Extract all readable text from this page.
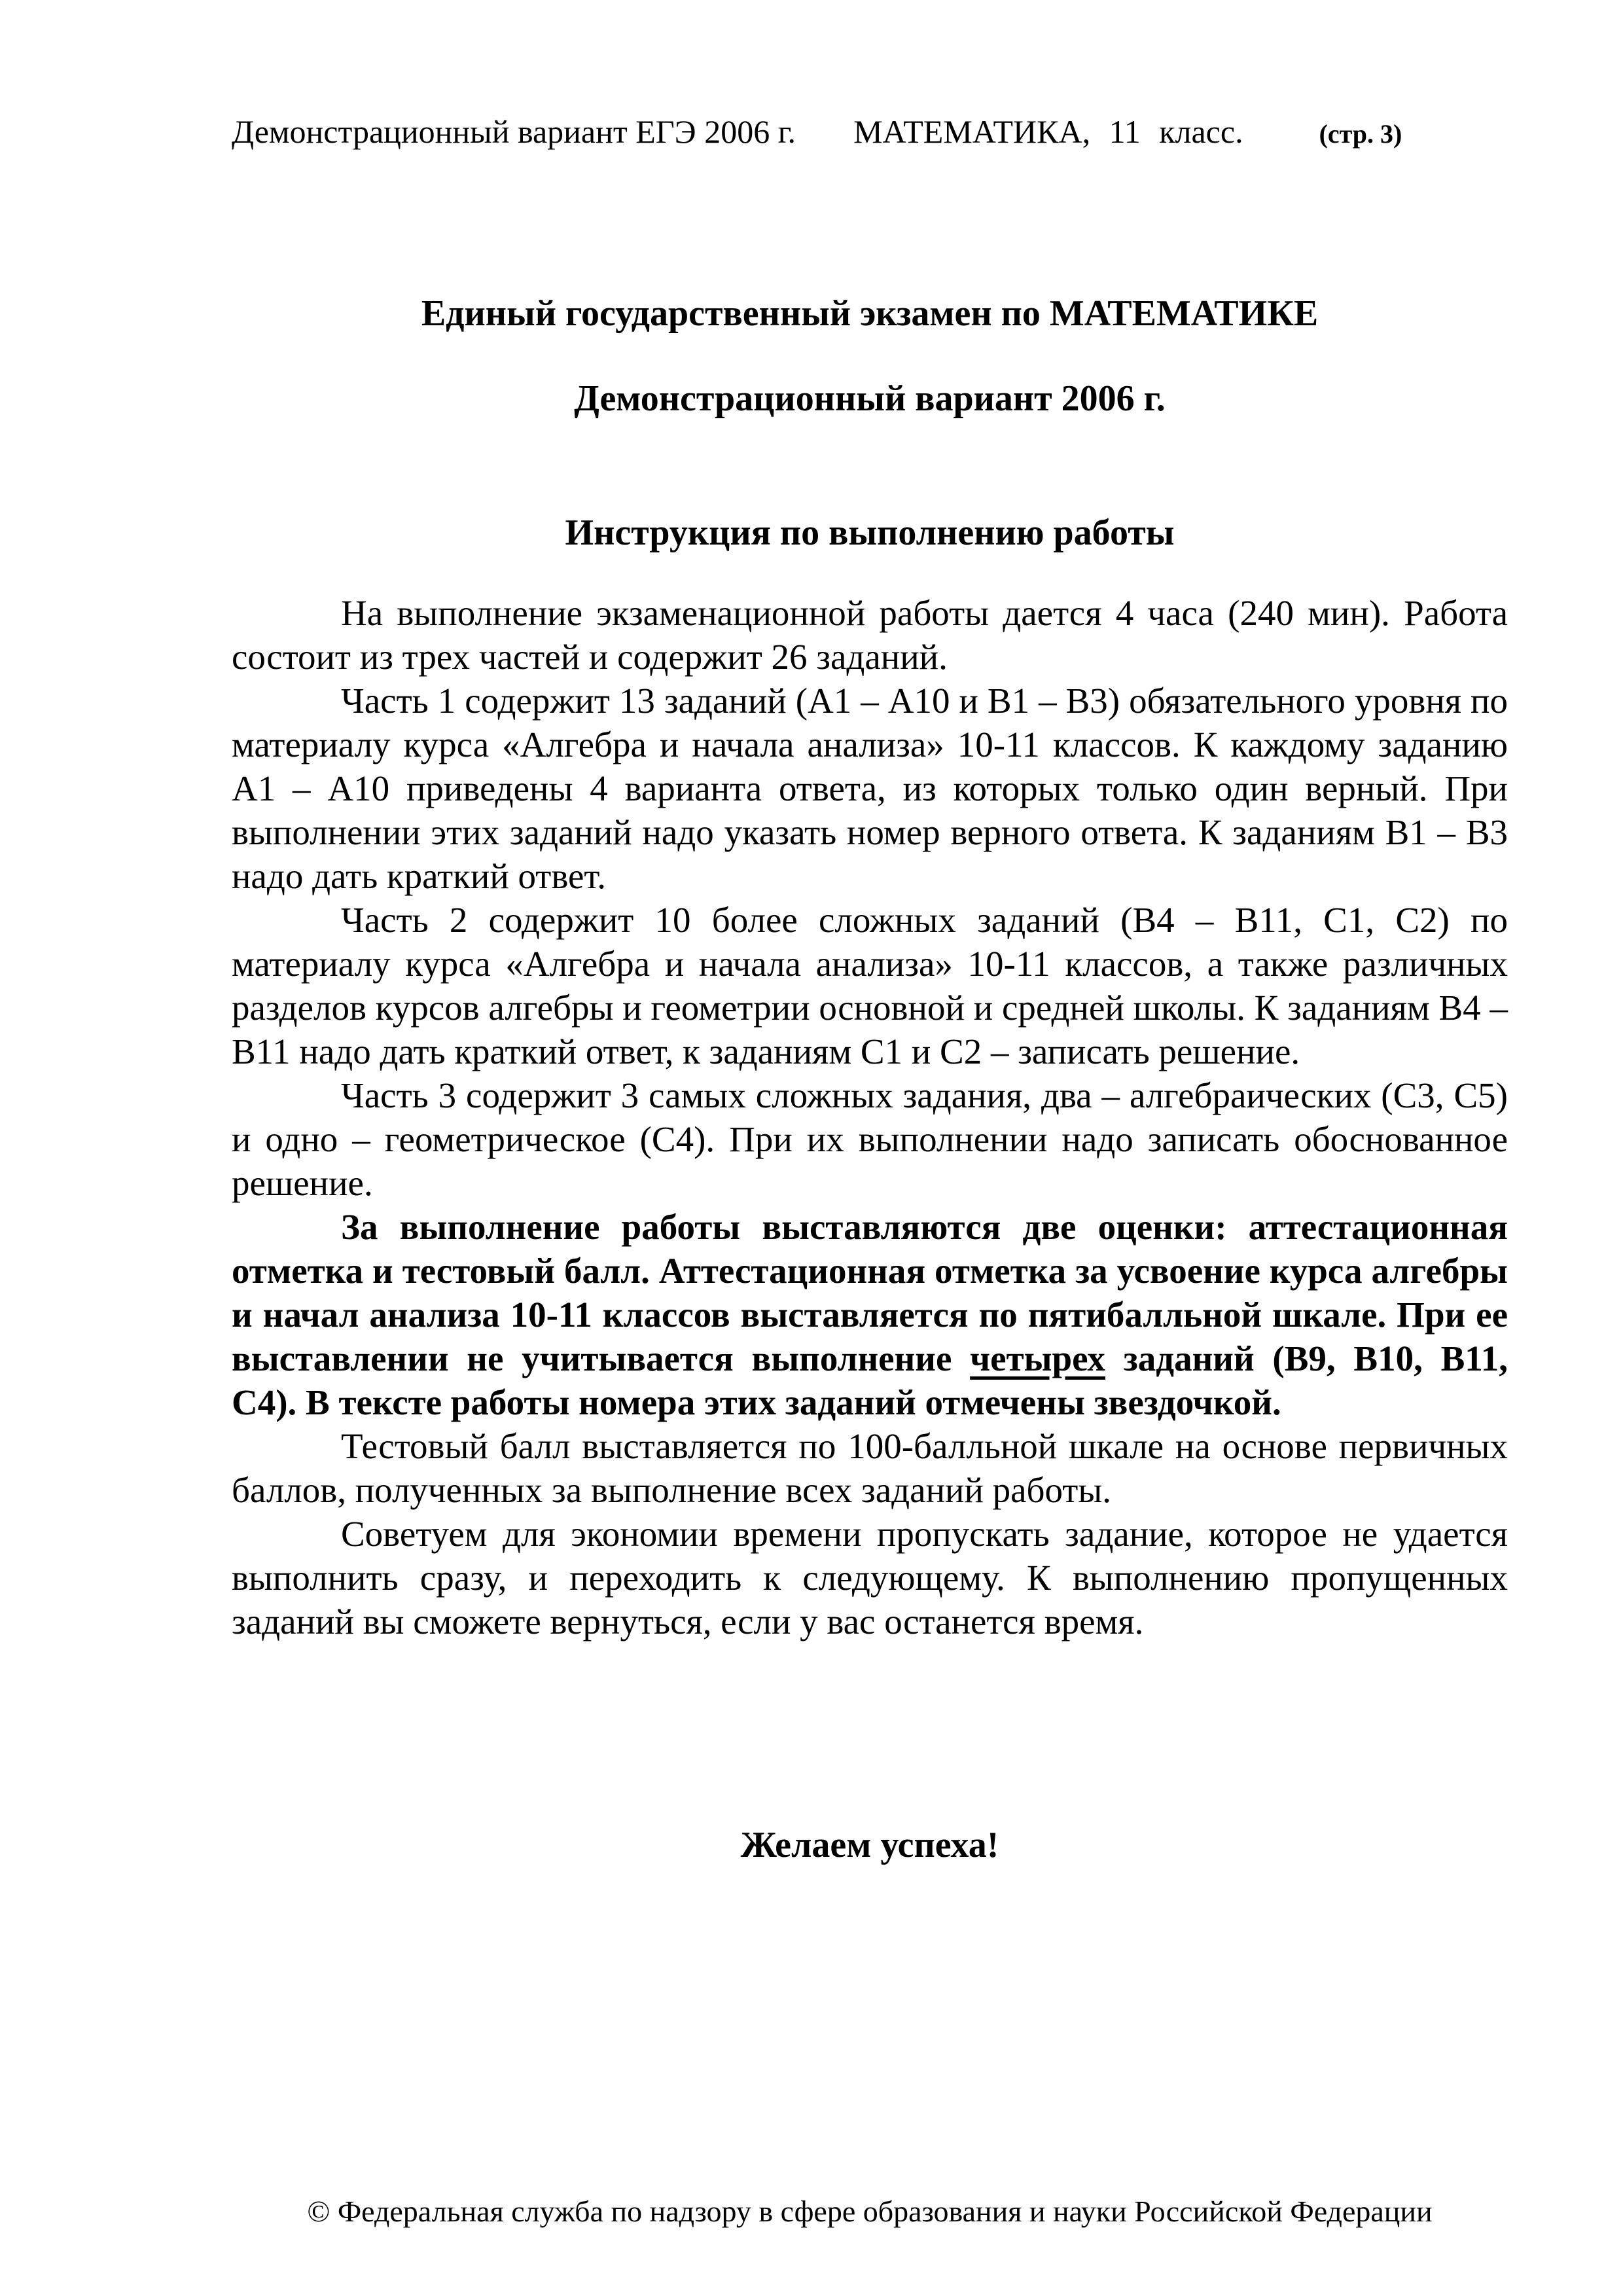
Демонстрационный вариант ЕГЭ 2006 г. МАТЕМАТИКА, 11 класс.	(стр. 3)
Единый государственный экзамен по МАТЕМАТИКЕ
Демонстрационный вариант 2006 г.
Инструкция по выполнению работы

На выполнение экзаменационной работы дается 4 часа (240 мин). Работа состоит из трех частей и содержит 26 заданий.

Часть 1 содержит 13 заданий (А1 – А10 и В1 – В3) обязательного уровня по материалу курса «Алгебра и начала анализа» 10-11 классов. К каждому заданию А1 – А10 приведены 4 варианта ответа, из которых только один верный. При выполнении этих заданий надо указать номер верного ответа. К заданиям В1 – В3 надо дать краткий ответ.

Часть 2 содержит 10 более сложных заданий (В4 – В11, С1, С2) по материалу курса «Алгебра и начала анализа» 10-11 классов, а также различных разделов курсов алгебры и геометрии основной и средней школы. К заданиям В4 – В11 надо дать краткий ответ, к заданиям С1 и С2 – записать решение.

Часть 3 содержит 3 самых сложных задания, два – алгебраических (С3, С5) и одно – геометрическое (С4). При их выполнении надо записать обоснованное решение.

За выполнение работы выставляются две оценки: аттестационная отметка и тестовый балл. Аттестационная отметка за усвоение курса алгебры и начал анализа 10-11 классов выставляется по пятибалльной шкале. При ее выставлении не учитывается выполнение четырех заданий (В9, В10, В11, С4). В тексте работы номера этих заданий отмечены звездочкой.

Тестовый балл выставляется по 100-балльной шкале на основе первичных баллов, полученных за выполнение всех заданий работы.

Советуем для экономии времени пропускать задание, которое не удается выполнить сразу, и переходить к следующему. К выполнению пропущенных заданий вы сможете вернуться, если у вас останется время.

Желаем успеха!
© Федеральная служба по надзору в сфере образования и науки Российской Федерации
